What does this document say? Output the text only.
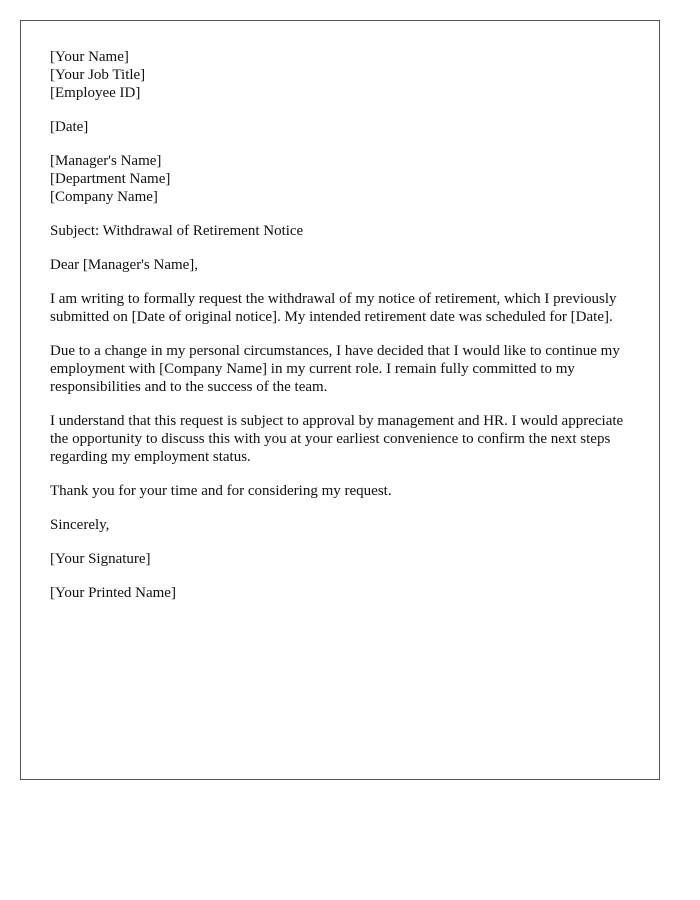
[Your Name]
[Your Job Title]
[Employee ID]
[Date]
[Manager's Name]
[Department Name]
[Company Name]

Subject: Withdrawal of Retirement Notice

Dear [Manager's Name],

I am writing to formally request the withdrawal of my notice of retirement, which I previously submitted on [Date of original notice]. My intended retirement date was scheduled for [Date].

Due to a change in my personal circumstances, I have decided that I would like to continue my employment with [Company Name] in my current role. I remain fully committed to my responsibilities and to the success of the team.

I understand that this request is subject to approval by management and HR. I would appreciate the opportunity to discuss this with you at your earliest convenience to confirm the next steps regarding my employment status.

Thank you for your time and for considering my request.

Sincerely,

[Your Signature]

[Your Printed Name]
